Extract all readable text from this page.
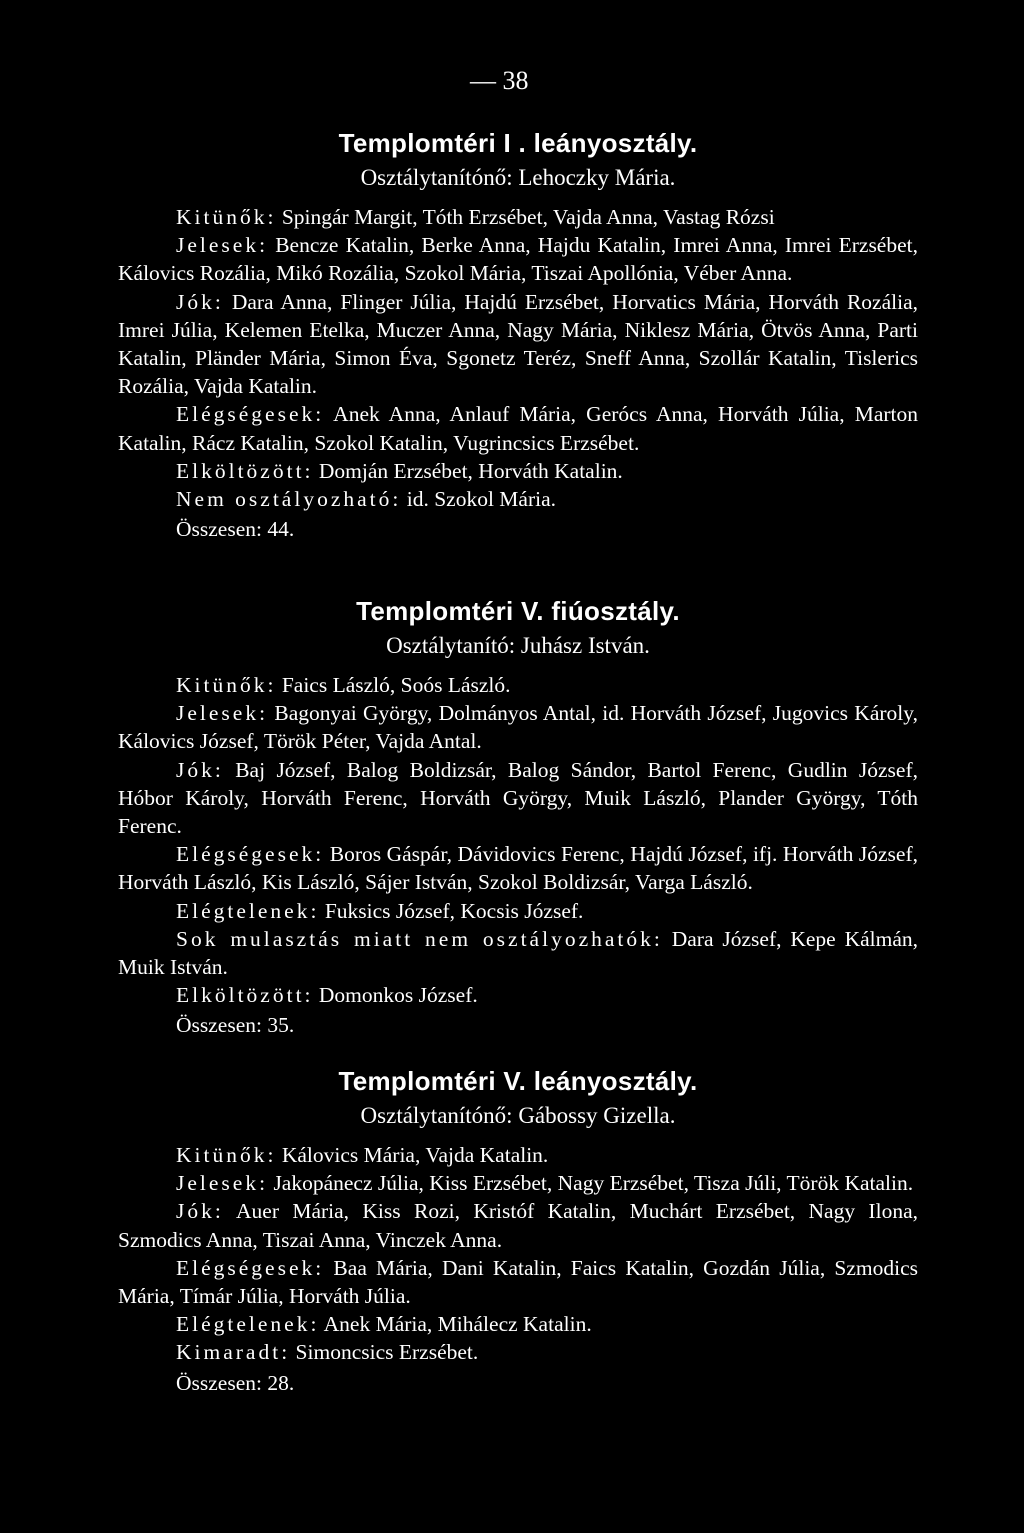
— 38
Templomtéri I . leányosztály.
Osztálytanítónő: Lehoczky Mária.

Kitünők: Spingár Margit, Tóth Erzsébet, Vajda Anna, Vastag Rózsi

Jelesek: Bencze Katalin, Berke Anna, Hajdu Katalin, Imrei Anna, Imrei Erzsébet, Kálovics Rozália, Mikó Rozália, Szokol Mária, Tiszai Apollónia, Véber Anna.

Jók: Dara Anna, Flinger Júlia, Hajdú Erzsébet, Horvatics Mária, Horváth Rozália, Imrei Júlia, Kelemen Etelka, Muczer Anna, Nagy Mária, Niklesz Mária, Ötvös Anna, Parti Katalin, Pländer Mária, Simon Éva, Sgonetz Teréz, Sneff Anna, Szollár Katalin, Tislerics Rozália, Vajda Katalin.

Elégségesek: Anek Anna, Anlauf Mária, Gerócs Anna, Horváth Júlia, Marton Katalin, Rácz Katalin, Szokol Katalin, Vugrincsics Erzsébet.

Elköltözött: Domján Erzsébet, Horváth Katalin.

Nem osztályozható: id. Szokol Mária.

Összesen: 44.
Templomtéri V. fiúosztály.
Osztálytanító: Juhász István.

Kitünők: Faics László, Soós László.

Jelesek: Bagonyai György, Dolmányos Antal, id. Horváth József, Jugovics Károly, Kálovics József, Török Péter, Vajda Antal.

Jók: Baj József, Balog Boldizsár, Balog Sándor, Bartol Ferenc, Gudlin József, Hóbor Károly, Horváth Ferenc, Horváth György, Muik László, Plander György, Tóth Ferenc.

Elégségesek: Boros Gáspár, Dávidovics Ferenc, Hajdú József, ifj. Horváth József, Horváth László, Kis László, Sájer István, Szokol Boldizsár, Varga László.

Elégtelenek: Fuksics József, Kocsis József.

Sok mulasztás miatt nem osztályozhatók: Dara József, Kepe Kálmán, Muik István.

Elköltözött: Domonkos József.

Összesen: 35.
Templomtéri V. leányosztály.
Osztálytanítónő: Gábossy Gizella.

Kitünők: Kálovics Mária, Vajda Katalin.

Jelesek: Jakopánecz Júlia, Kiss Erzsébet, Nagy Erzsébet, Tisza Júli, Török Katalin.

Jók: Auer Mária, Kiss Rozi, Kristóf Katalin, Muchárt Erzsébet, Nagy Ilona, Szmodics Anna, Tiszai Anna, Vinczek Anna.

Elégségesek: Baa Mária, Dani Katalin, Faics Katalin, Gozdán Júlia, Szmodics Mária, Tímár Júlia, Horváth Júlia.

Elégtelenek: Anek Mária, Mihálecz Katalin.

Kimaradt: Simoncsics Erzsébet.

Összesen: 28.
